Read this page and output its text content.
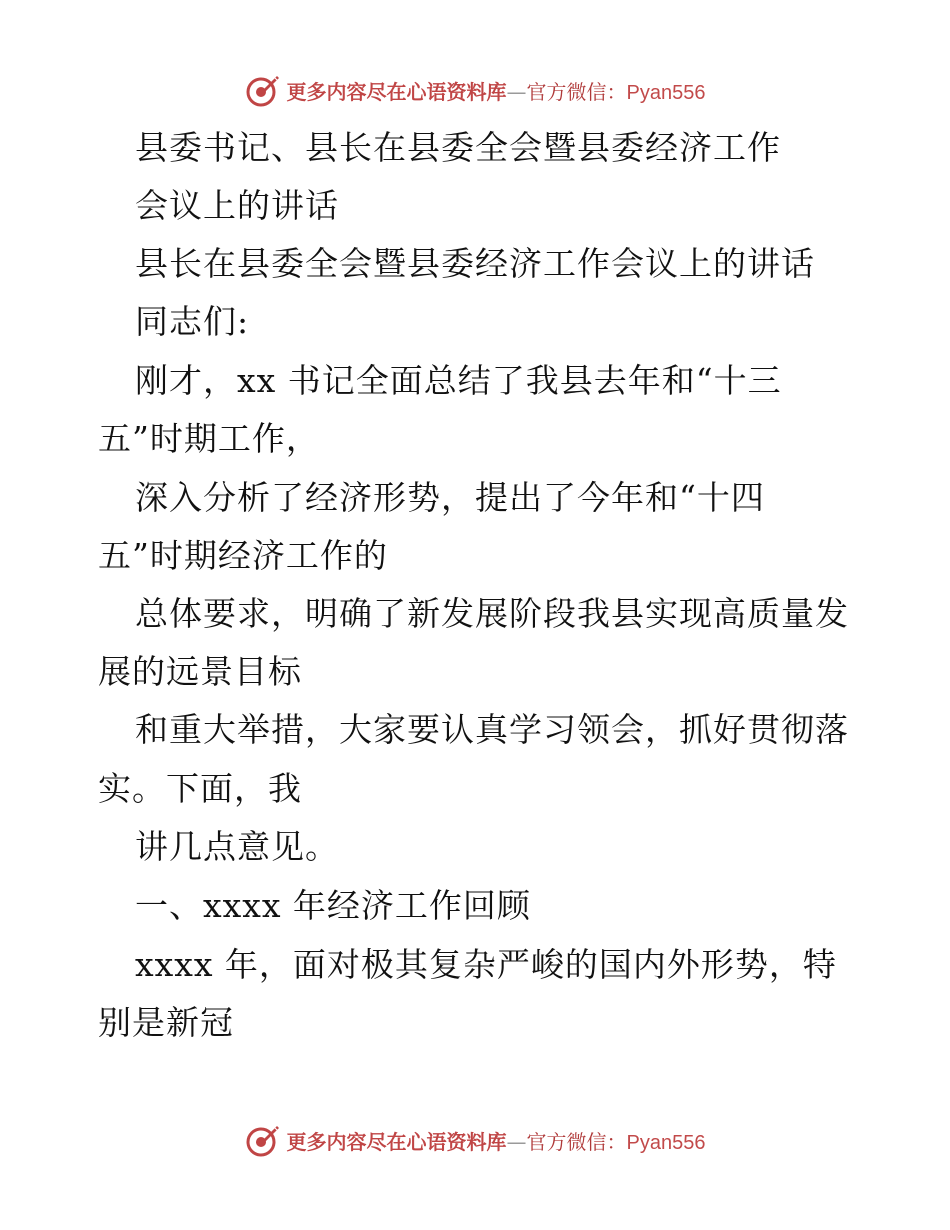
更多内容尽在心语资料库—官方微信：Pyan556
县委书记、县长在县委全会暨县委经济工作
会议上的讲话
县长在县委全会暨县委经济工作会议上的讲话
同志们:
刚才，xx 书记全面总结了我县去年和“十三
五”时期工作，
深入分析了经济形势，提出了今年和“十四
五”时期经济工作的
总体要求，明确了新发展阶段我县实现高质量发
展的远景目标
和重大举措，大家要认真学习领会，抓好贯彻落
实。下面，我
讲几点意见。
一、xxxx 年经济工作回顾
xxxx 年，面对极其复杂严峻的国内外形势，特
别是新冠
更多内容尽在心语资料库—官方微信：Pyan556
